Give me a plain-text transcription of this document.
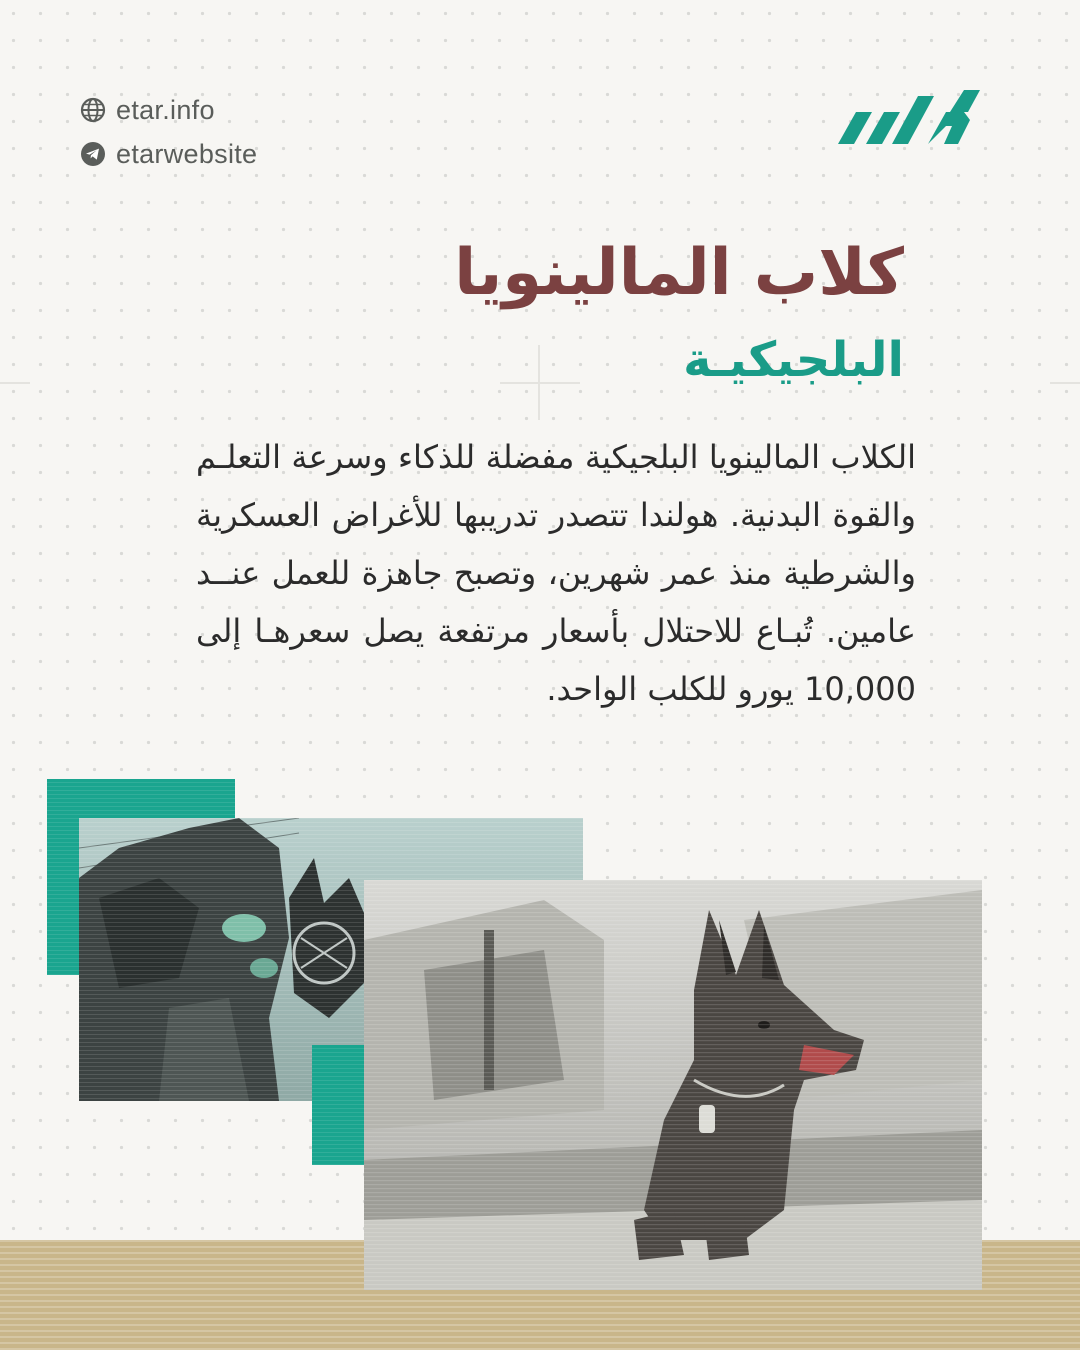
etar.info
etarwebsite
كلاب المالينويا
البلجيكيـة
الكلاب المالينويا البلجيكية مفضلة للذكاء وسرعة التعلـم والقوة البدنية. هولندا تتصدر تدريبها للأغراض العسكرية والشرطية منذ عمر شهرين، وتصبح جاهزة للعمل عنــد عامين. تُبـاع للاحتلال بأسعار مرتفعة يصل سعرهـا إلى 10,000 يورو للكلب الواحد.
